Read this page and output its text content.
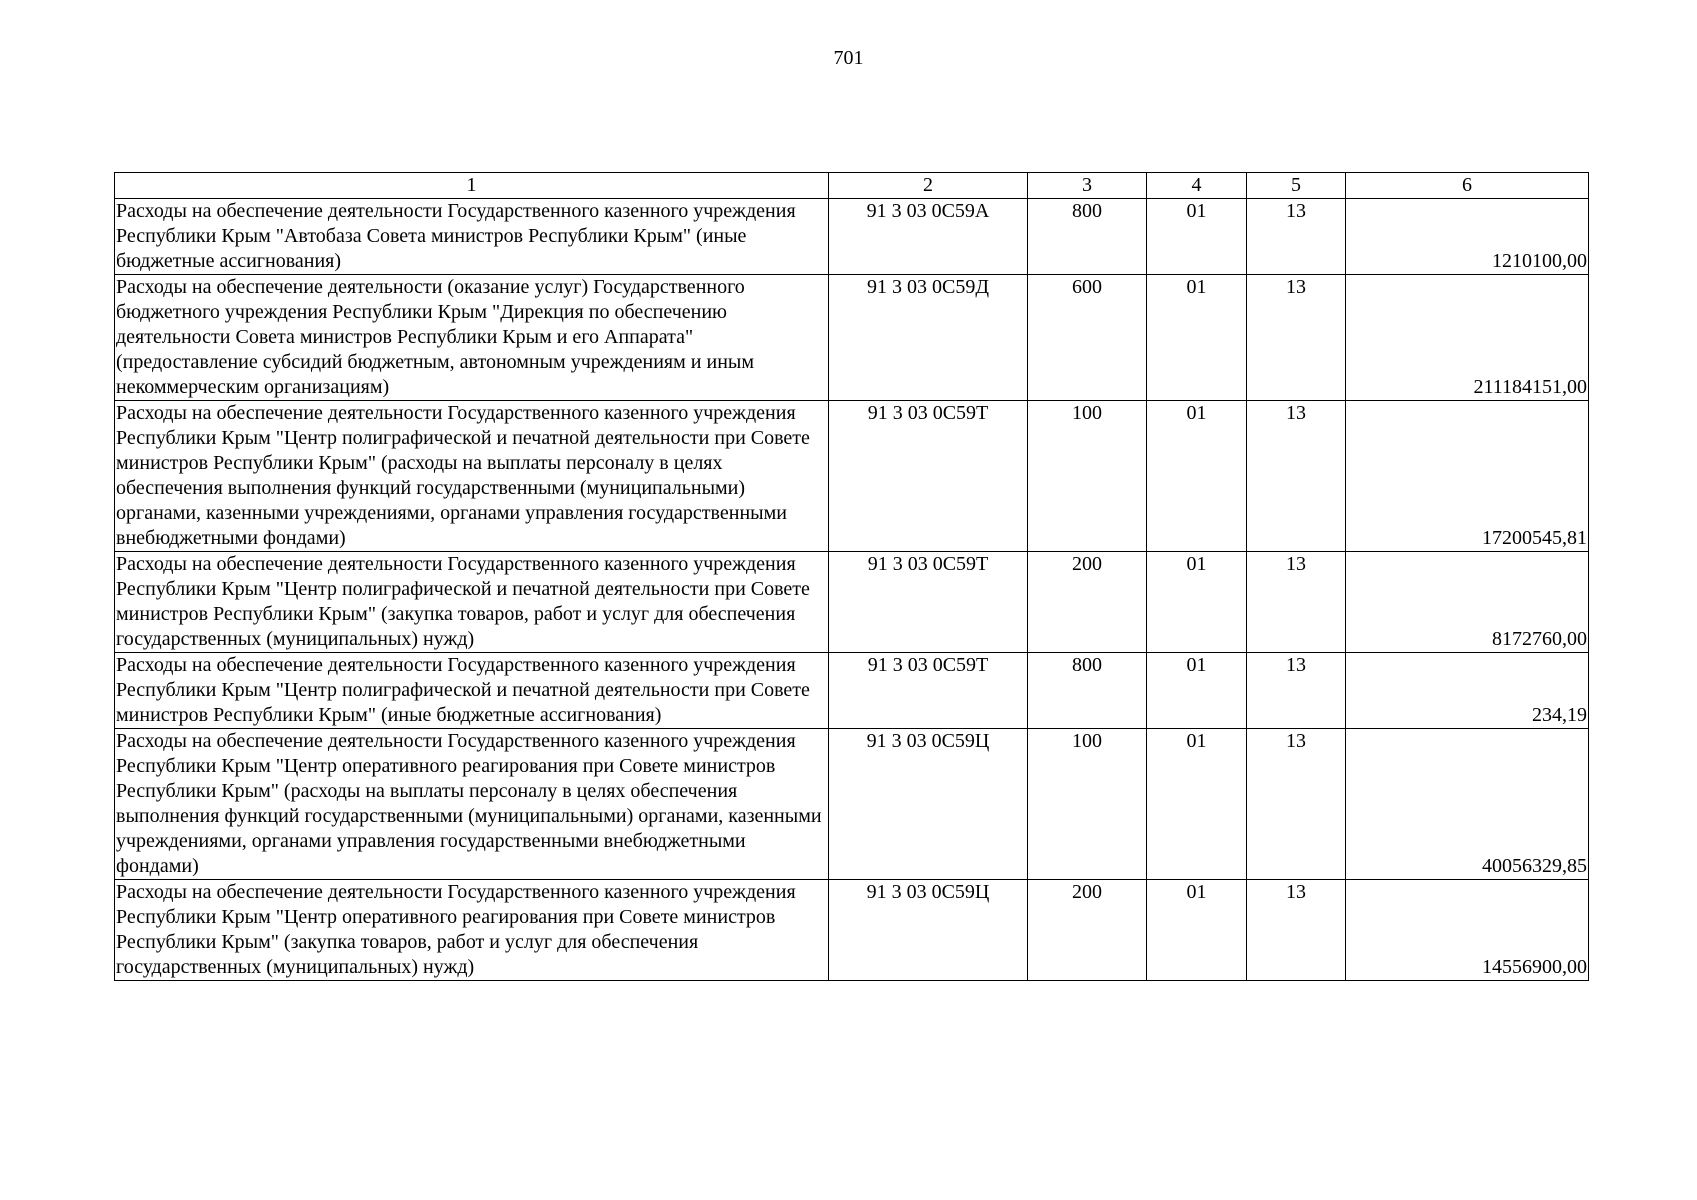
701
1	2	3	4	5	6
Расходы на обеспечение деятельности Государственного казенного учреждения Республики Крым "Автобаза Совета министров Республики Крым" (иные бюджетные ассигнования)	91 3 03 0С59А	800	01	13	1210100,00
Расходы на обеспечение деятельности (оказание услуг) Государственного бюджетного учреждения Республики Крым "Дирекция по обеспечению деятельности Совета министров Республики Крым и его Аппарата" (предоставление субсидий бюджетным, автономным учреждениям и иным некоммерческим организациям)	91 3 03 0С59Д	600	01	13	211184151,00
Расходы на обеспечение деятельности Государственного казенного учреждения Республики Крым "Центр полиграфической и печатной деятельности при Совете министров Республики Крым" (расходы на выплаты персоналу в целях обеспечения выполнения функций государственными (муниципальными) органами, казенными учреждениями, органами управления государственными внебюджетными фондами)	91 3 03 0С59Т	100	01	13	17200545,81
Расходы на обеспечение деятельности Государственного казенного учреждения Республики Крым "Центр полиграфической и печатной деятельности при Совете министров Республики Крым" (закупка товаров, работ и услуг для обеспечения государственных (муниципальных) нужд)	91 3 03 0С59Т	200	01	13	8172760,00
Расходы на обеспечение деятельности Государственного казенного учреждения Республики Крым "Центр полиграфической и печатной деятельности при Совете министров Республики Крым" (иные бюджетные ассигнования)	91 3 03 0С59Т	800	01	13	234,19
Расходы на обеспечение деятельности Государственного казенного учреждения Республики Крым "Центр оперативного реагирования при Совете министров Республики Крым" (расходы на выплаты персоналу в целях обеспечения выполнения функций государственными (муниципальными) органами, казенными учреждениями, органами управления государственными внебюджетными фондами)	91 3 03 0С59Ц	100	01	13	40056329,85
Расходы на обеспечение деятельности Государственного казенного учреждения Республики Крым "Центр оперативного реагирования при Совете министров Республики Крым" (закупка товаров, работ и услуг для обеспечения государственных (муниципальных) нужд)	91 3 03 0С59Ц	200	01	13	14556900,00
